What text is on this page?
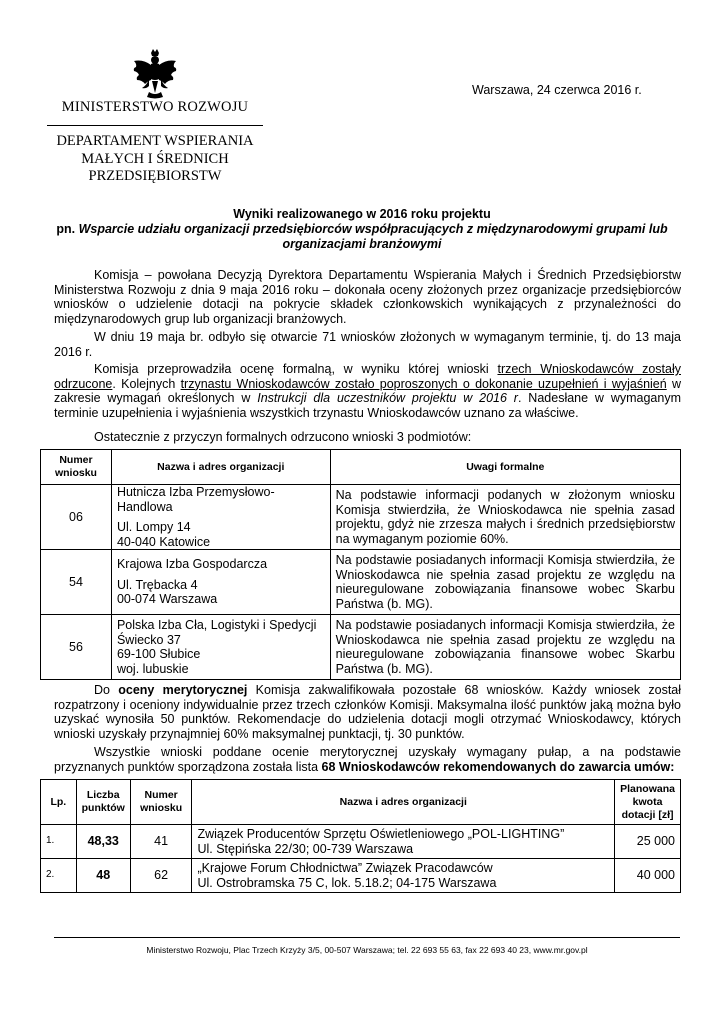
MINISTERSTWO ROZWOJU
DEPARTAMENT WSPIERANIA
MAŁYCH I ŚREDNICH
PRZEDSIĘBIORSTW
Warszawa, 24 czerwca 2016 r.
Wyniki realizowanego w 2016 roku projektu
pn. Wsparcie udziału organizacji przedsiębiorców współpracujących z międzynarodowymi grupami lub
organizacjami branżowymi
Komisja – powołana Decyzją Dyrektora Departamentu Wspierania Małych i Średnich Przedsiębiorstw Ministerstwa Rozwoju z dnia 9 maja 2016 roku – dokonała oceny złożonych przez organizacje przedsiębiorców wniosków o udzielenie dotacji na pokrycie składek członkowskich wynikających z przynależności do międzynarodowych grup lub organizacji branżowych.
W dniu 19 maja br. odbyło się otwarcie 71 wniosków złożonych w wymaganym terminie, tj. do 13 maja 2016 r.
Komisja przeprowadziła ocenę formalną, w wyniku której wnioski trzech Wnioskodawców zostały odrzucone. Kolejnych trzynastu Wnioskodawców zostało poproszonych o dokonanie uzupełnień i wyjaśnień w zakresie wymagań określonych w Instrukcji dla uczestników projektu w 2016 r. Nadesłane w wymaganym terminie uzupełnienia i wyjaśnienia wszystkich trzynastu Wnioskodawców uznano za właściwe.
Ostatecznie z przyczyn formalnych odrzucono wnioski 3 podmiotów:
Numer wniosku	Nazwa i adres organizacji	Uwagi formalne
06	Hutnicza Izba Przemysłowo-Handlowa
Ul. Lompy 14
40-040 Katowice	Na podstawie informacji podanych w złożonym wniosku Komisja stwierdziła, że Wnioskodawca nie spełnia zasad projektu, gdyż nie zrzesza małych i średnich przedsiębiorstw na wymaganym poziomie 60%.
54	Krajowa Izba Gospodarcza
Ul. Trębacka 4
00-074 Warszawa	Na podstawie posiadanych informacji Komisja stwierdziła, że Wnioskodawca nie spełnia zasad projektu ze względu na nieuregulowane zobowiązania finansowe wobec Skarbu Państwa (b. MG).
56	Polska Izba Cła, Logistyki i Spedycji
Świecko 37
69-100 Słubice
woj. lubuskie	Na podstawie posiadanych informacji Komisja stwierdziła, że Wnioskodawca nie spełnia zasad projektu ze względu na nieuregulowane zobowiązania finansowe wobec Skarbu Państwa (b. MG).
Do oceny merytorycznej Komisja zakwalifikowała pozostałe 68 wniosków. Każdy wniosek został rozpatrzony i oceniony indywidualnie przez trzech członków Komisji. Maksymalna ilość punktów jaką można było uzyskać wynosiła 50 punktów. Rekomendacje do udzielenia dotacji mogli otrzymać Wnioskodawcy, których wnioski uzyskały przynajmniej 60% maksymalnej punktacji, tj. 30 punktów.
Wszystkie wnioski poddane ocenie merytorycznej uzyskały wymagany pułap, a na podstawie przyznanych punktów sporządzona została lista 68 Wnioskodawców rekomendowanych do zawarcia umów:
Lp.	Liczba punktów	Numer wniosku	Nazwa i adres organizacji	Planowana kwota dotacji [zł]
1.	48,33	41	Związek Producentów Sprzętu Oświetleniowego „POL-LIGHTING”
Ul. Stępińska 22/30; 00-739 Warszawa	25 000
2.	48	62	„Krajowe Forum Chłodnictwa” Związek Pracodawców
Ul. Ostrobramska 75 C, lok. 5.18.2; 04-175 Warszawa	40 000
Ministerstwo Rozwoju, Plac Trzech Krzyży 3/5, 00-507 Warszawa; tel. 22 693 55 63, fax 22 693 40 23, www.mr.gov.pl
